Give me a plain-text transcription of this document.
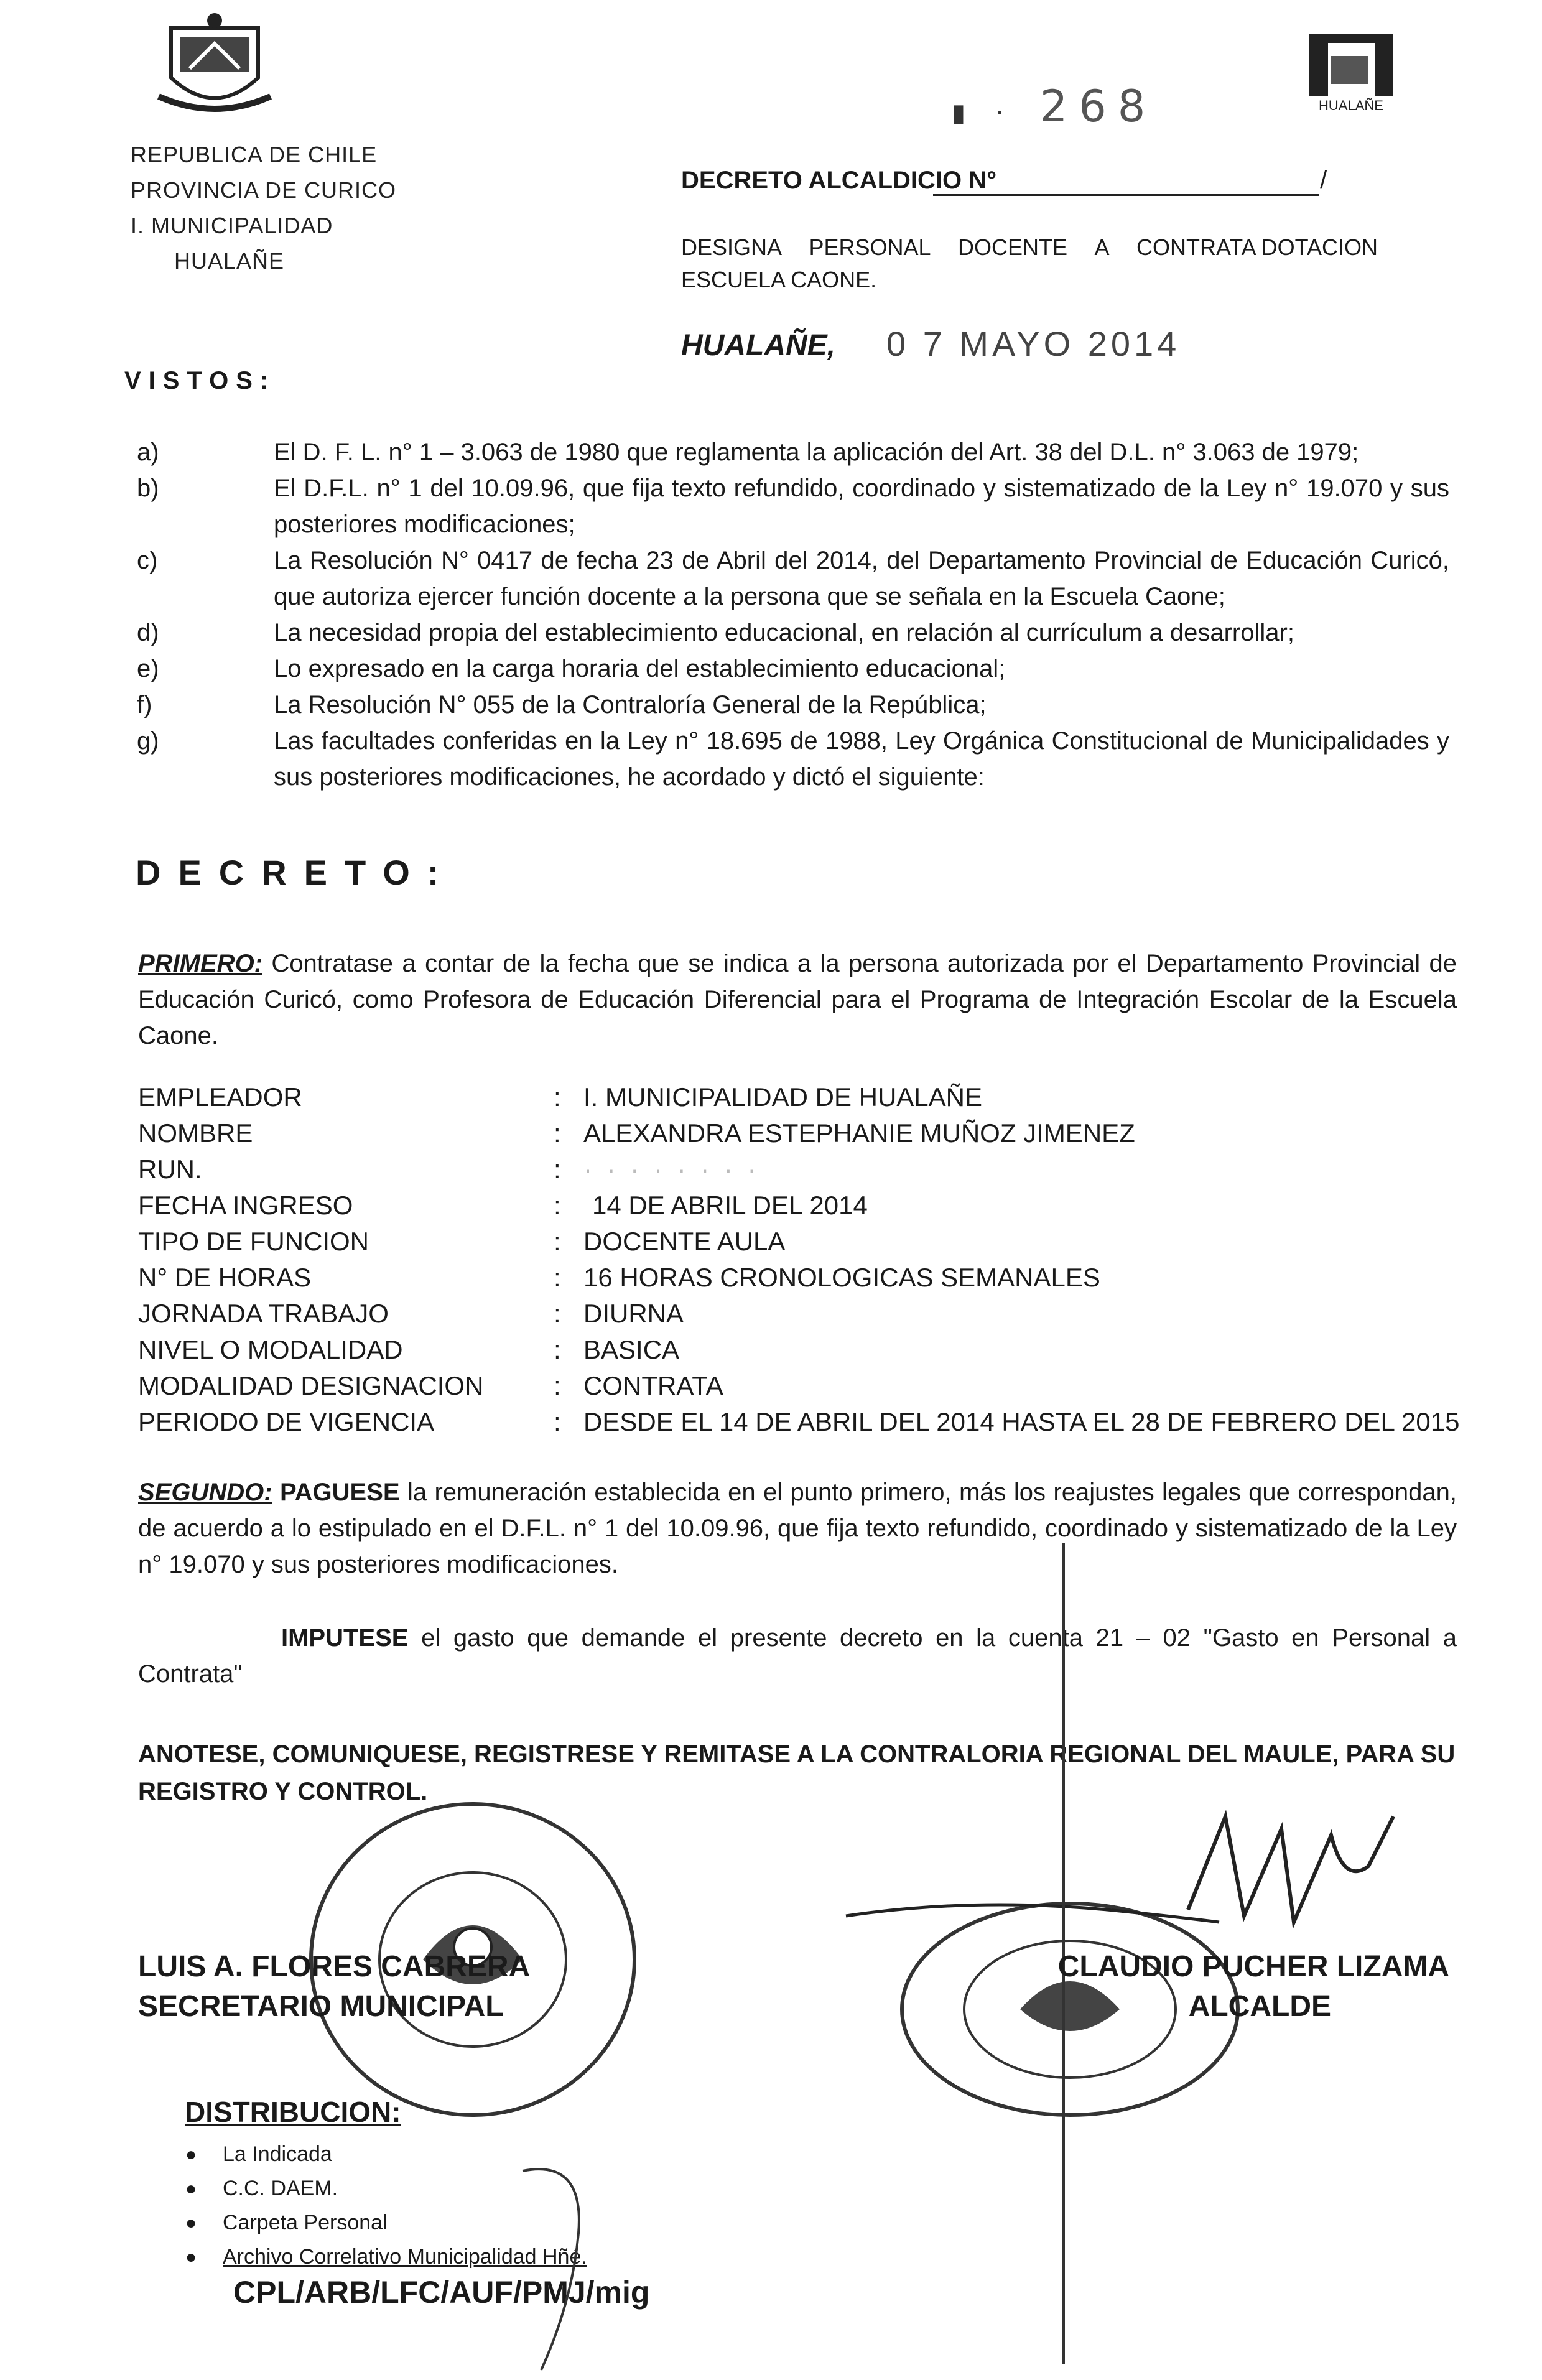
REPUBLICA DE CHILE
PROVINCIA DE CURICO
I. MUNICIPALIDAD
HUALAÑE
HUALAÑE
▮ · 268
DECRETO ALCALDICIO N°	/
DESIGNA PERSONAL DOCENTE A CONTRATA DOTACION
ESCUELA CAONE.
HUALAÑE, 0 7 MAYO 2014
VISTOS:
a)	El D. F. L. n° 1 – 3.063 de 1980 que reglamenta la aplicación del Art. 38 del D.L. n° 3.063 de 1979;
b)	El D.F.L. n° 1 del 10.09.96, que fija texto refundido, coordinado y sistematizado de la Ley n° 19.070 y sus posteriores modificaciones;
c)	La Resolución N° 0417 de fecha 23 de Abril del 2014, del Departamento Provincial de Educación Curicó, que autoriza ejercer función docente a la persona que se señala en la Escuela Caone;
d)	La necesidad propia del establecimiento educacional, en relación al currículum a desarrollar;
e)	Lo expresado en la carga horaria del establecimiento educacional;
f)	La Resolución N° 055 de la Contraloría General de la República;
g)	Las facultades conferidas en la Ley n° 18.695 de 1988, Ley Orgánica Constitucional de Municipalidades y sus posteriores modificaciones, he acordado y dictó el siguiente:
DECRETO:
PRIMERO: Contratase a contar de la fecha que se indica a la persona autorizada por el Departamento Provincial de Educación Curicó, como Profesora de Educación Diferencial para el Programa de Integración Escolar de la Escuela Caone.
EMPLEADOR	: I. MUNICIPALIDAD DE HUALAÑE
NOMBRE	: ALEXANDRA ESTEPHANIE MUÑOZ JIMENEZ
RUN.	: · · · · · · · ·
FECHA INGRESO	:	14 DE ABRIL DEL 2014
TIPO DE FUNCION	: DOCENTE AULA
N° DE HORAS	: 16 HORAS CRONOLOGICAS SEMANALES
JORNADA TRABAJO	: DIURNA
NIVEL O MODALIDAD	: BASICA
MODALIDAD DESIGNACION	: CONTRATA
PERIODO DE VIGENCIA	: DESDE EL 14 DE ABRIL DEL 2014 HASTA EL 28 DE FEBRERO DEL 2015
SEGUNDO: PAGUESE la remuneración establecida en el punto primero, más los reajustes legales que correspondan, de acuerdo a lo estipulado en el D.F.L. n° 1 del 10.09.96, que fija texto refundido, coordinado y sistematizado de la Ley n° 19.070 y sus posteriores modificaciones.
IMPUTESE el gasto que demande el presente decreto en la cuenta 21 – 02 "Gasto en Personal a Contrata"
ANOTESE, COMUNIQUESE, REGISTRESE Y REMITASE A LA CONTRALORIA REGIONAL DEL MAULE, PARA SU REGISTRO Y CONTROL.
LUIS A. FLORES CABRERA
SECRETARIO MUNICIPAL
CLAUDIO PUCHER LIZAMA
ALCALDE
DISTRIBUCION:
●	La Indicada
●	C.C. DAEM.
●	Carpeta Personal
●	Archivo Correlativo Municipalidad Hñé.
CPL/ARB/LFC/AUF/PMJ/mig
